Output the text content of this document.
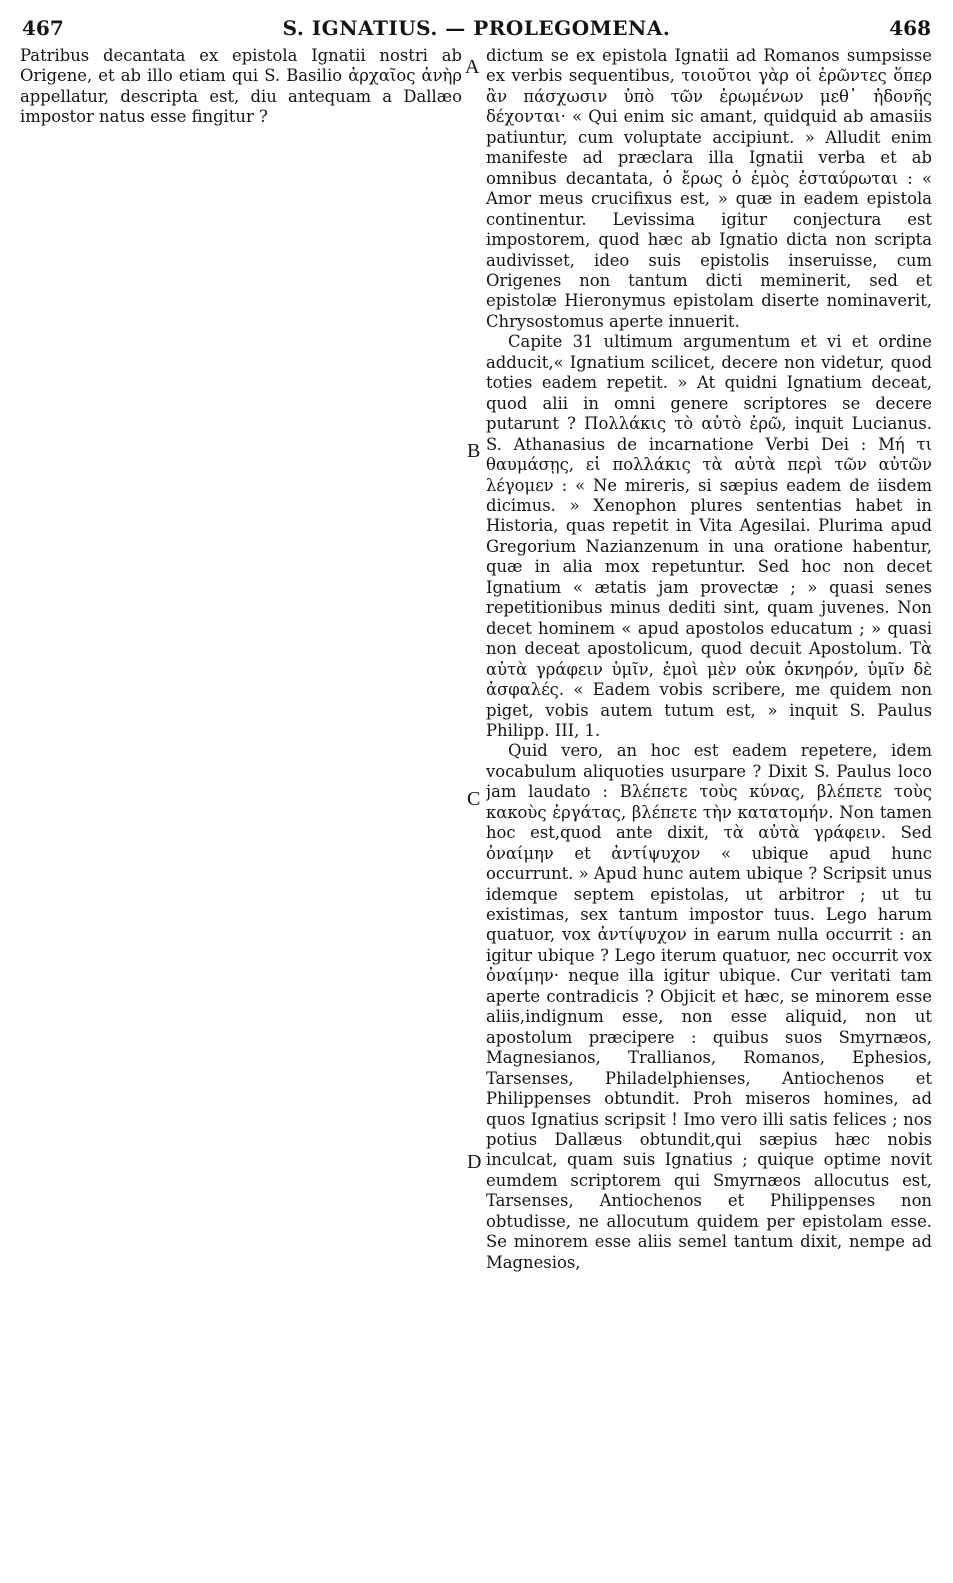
467	S. IGNATIUS. — PROLEGOMENA.	468

Patribus decantata ex epistola Ignatii nostri ab Origene, et ab illo etiam qui S. Basilio ἀρχαῖος ἀνὴρ appellatur, descripta est, diu antequam a Dallæo impostor natus esse fingitur ?

A
B
C
D

dictum se ex epistola Ignatii ad Romanos sumpsisse ex verbis sequentibus, τοιοῦτοι γὰρ οἱ ἐρῶντες ὅπερ ἂν πάσχωσιν ὑπὸ τῶν ἐρωμένων μεθ᾽ ἡδονῆς δέχονται· « Qui enim sic amant, quidquid ab amasiis patiuntur, cum voluptate accipiunt. » Alludit enim manifeste ad præclara illa Ignatii verba et ab omnibus decantata, ὁ ἔρως ὁ ἐμὸς ἐσταύρωται : « Amor meus crucifixus est, » quæ in eadem epistola continentur. Levissima igitur conjectura est impostorem, quod hæc ab Ignatio dicta non scripta audivisset, ideo suis epistolis inseruisse, cum Origenes non tantum dicti meminerit, sed et epistolæ Hieronymus epistolam diserte nominaverit, Chrysostomus aperte innuerit.

Capite 31 ultimum argumentum et vi et ordine adducit,« Ignatium scilicet, decere non videtur, quod toties eadem repetit. » At quidni Ignatium deceat, quod alii in omni genere scriptores se decere putarunt ? Πολλάκις τὸ αὐτὸ ἐρῶ, inquit Lucianus. S. Athanasius de incarnatione Verbi Dei : Μή τι θαυμάσῃς, εἰ πολλάκις τὰ αὐτὰ περὶ τῶν αὐτῶν λέγομεν : « Ne mireris, si sæpius eadem de iisdem dicimus. » Xenophon plures sententias habet in Historia, quas repetit in Vita Agesilai. Plurima apud Gregorium Nazianzenum in una oratione habentur, quæ in alia mox repetuntur. Sed hoc non decet Ignatium « ætatis jam provectæ ; » quasi senes repetitionibus minus dediti sint, quam juvenes. Non decet hominem « apud apostolos educatum ; » quasi non deceat apostolicum, quod decuit Apostolum. Τὰ αὐτὰ γράφειν ὑμῖν, ἐμοὶ μὲν οὐκ ὀκνηρόν, ὑμῖν δὲ ἀσφαλές. « Eadem vobis scribere, me quidem non piget, vobis autem tutum est, » inquit S. Paulus Philipp. III, 1.

Quid vero, an hoc est eadem repetere, idem vocabulum aliquoties usurpare ? Dixit S. Paulus loco jam laudato : Βλέπετε τοὺς κύνας, βλέπετε τοὺς κακοὺς ἐργάτας, βλέπετε τὴν κατατομήν. Non tamen hoc est,quod ante dixit, τὰ αὐτὰ γράφειν. Sed ὀναίμην et ἀντίψυχον « ubique apud hunc occurrunt. » Apud hunc autem ubique ? Scripsit unus idemque septem epistolas, ut arbitror ; ut tu existimas, sex tantum impostor tuus. Lego harum quatuor, vox ἀντίψυχον in earum nulla occurrit : an igitur ubique ? Lego iterum quatuor, nec occurrit vox ὀναίμην· neque illa igitur ubique. Cur veritati tam aperte contradicis ? Objicit et hæc, se minorem esse aliis,indignum esse, non esse aliquid, non ut apostolum præcipere : quibus suos Smyrnæos, Magnesianos, Trallianos, Romanos, Ephesios, Tarsenses, Philadelphienses, Antiochenos et Philippenses obtundit. Proh miseros homines, ad quos Ignatius scripsit ! Imo vero illi satis felices ; nos potius Dallæus obtundit,qui sæpius hæc nobis inculcat, quam suis Ignatius ; quique optime novit eumdem scriptorem qui Smyrnæos allocutus est, Tarsenses, Antiochenos et Philippenses non obtudisse, ne allocutum quidem per epistolam esse. Se minorem esse aliis semel tantum dixit, nempe ad Magnesios,
